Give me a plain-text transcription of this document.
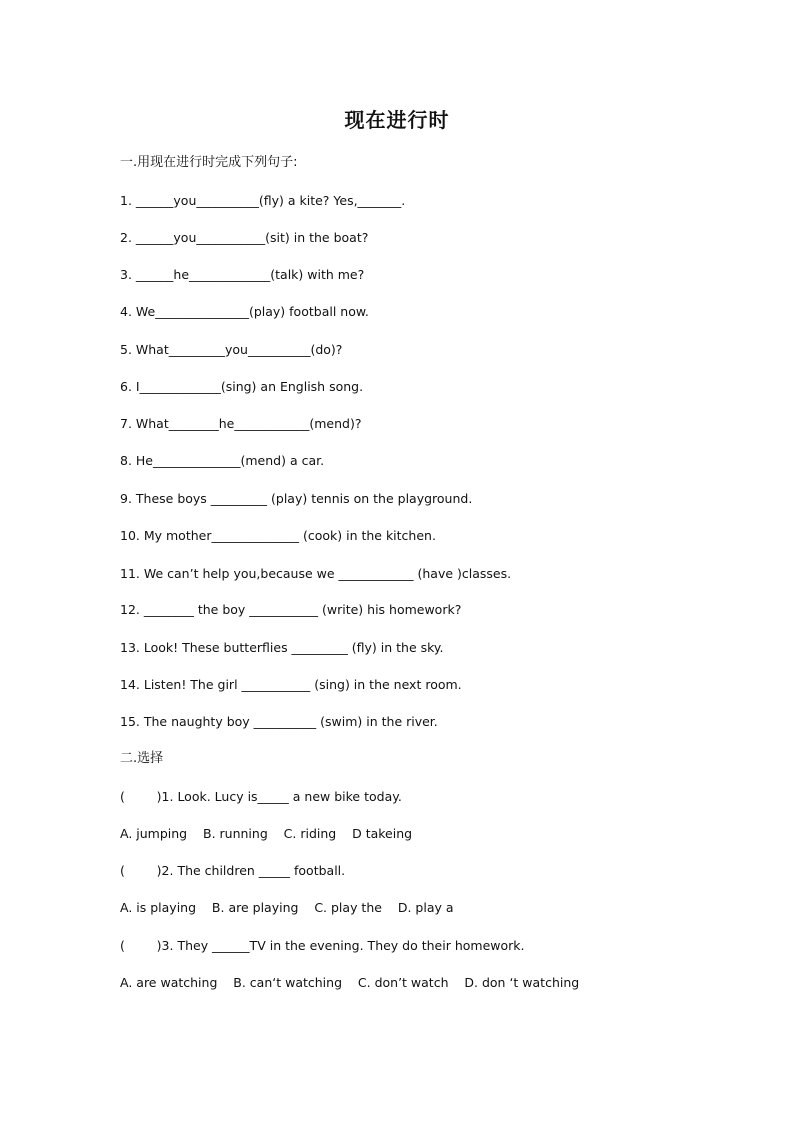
现在进行时
一.用现在进行时完成下列句子:
1. ______you__________(fly) a kite? Yes,_______.
2. ______you___________(sit) in the boat?
3. ______he_____________(talk) with me?
4. We_______________(play) football now.
5. What_________you__________(do)?
6. I_____________(sing) an English song.
7. What________he____________(mend)?
8. He______________(mend) a car.
9. These boys _________ (play) tennis on the playground.
10. My mother______________ (cook) in the kitchen.
11. We can’t help you,because we ____________ (have )classes.
12. ________ the boy ___________ (write) his homework?
13. Look! These butterflies _________ (fly) in the sky.
14. Listen! The girl ___________ (sing) in the next room.
15. The naughty boy __________ (swim) in the river.
二.选择
(        )1. Look. Lucy is_____ a new bike today.
A. jumping    B. running    C. riding    D takeing
(        )2. The children _____ football.
A. is playing    B. are playing    C. play the    D. play a
(        )3. They ______TV in the evening. They do their homework.
A. are watching    B. can‘t watching    C. don’t watch    D. don ‘t watching
